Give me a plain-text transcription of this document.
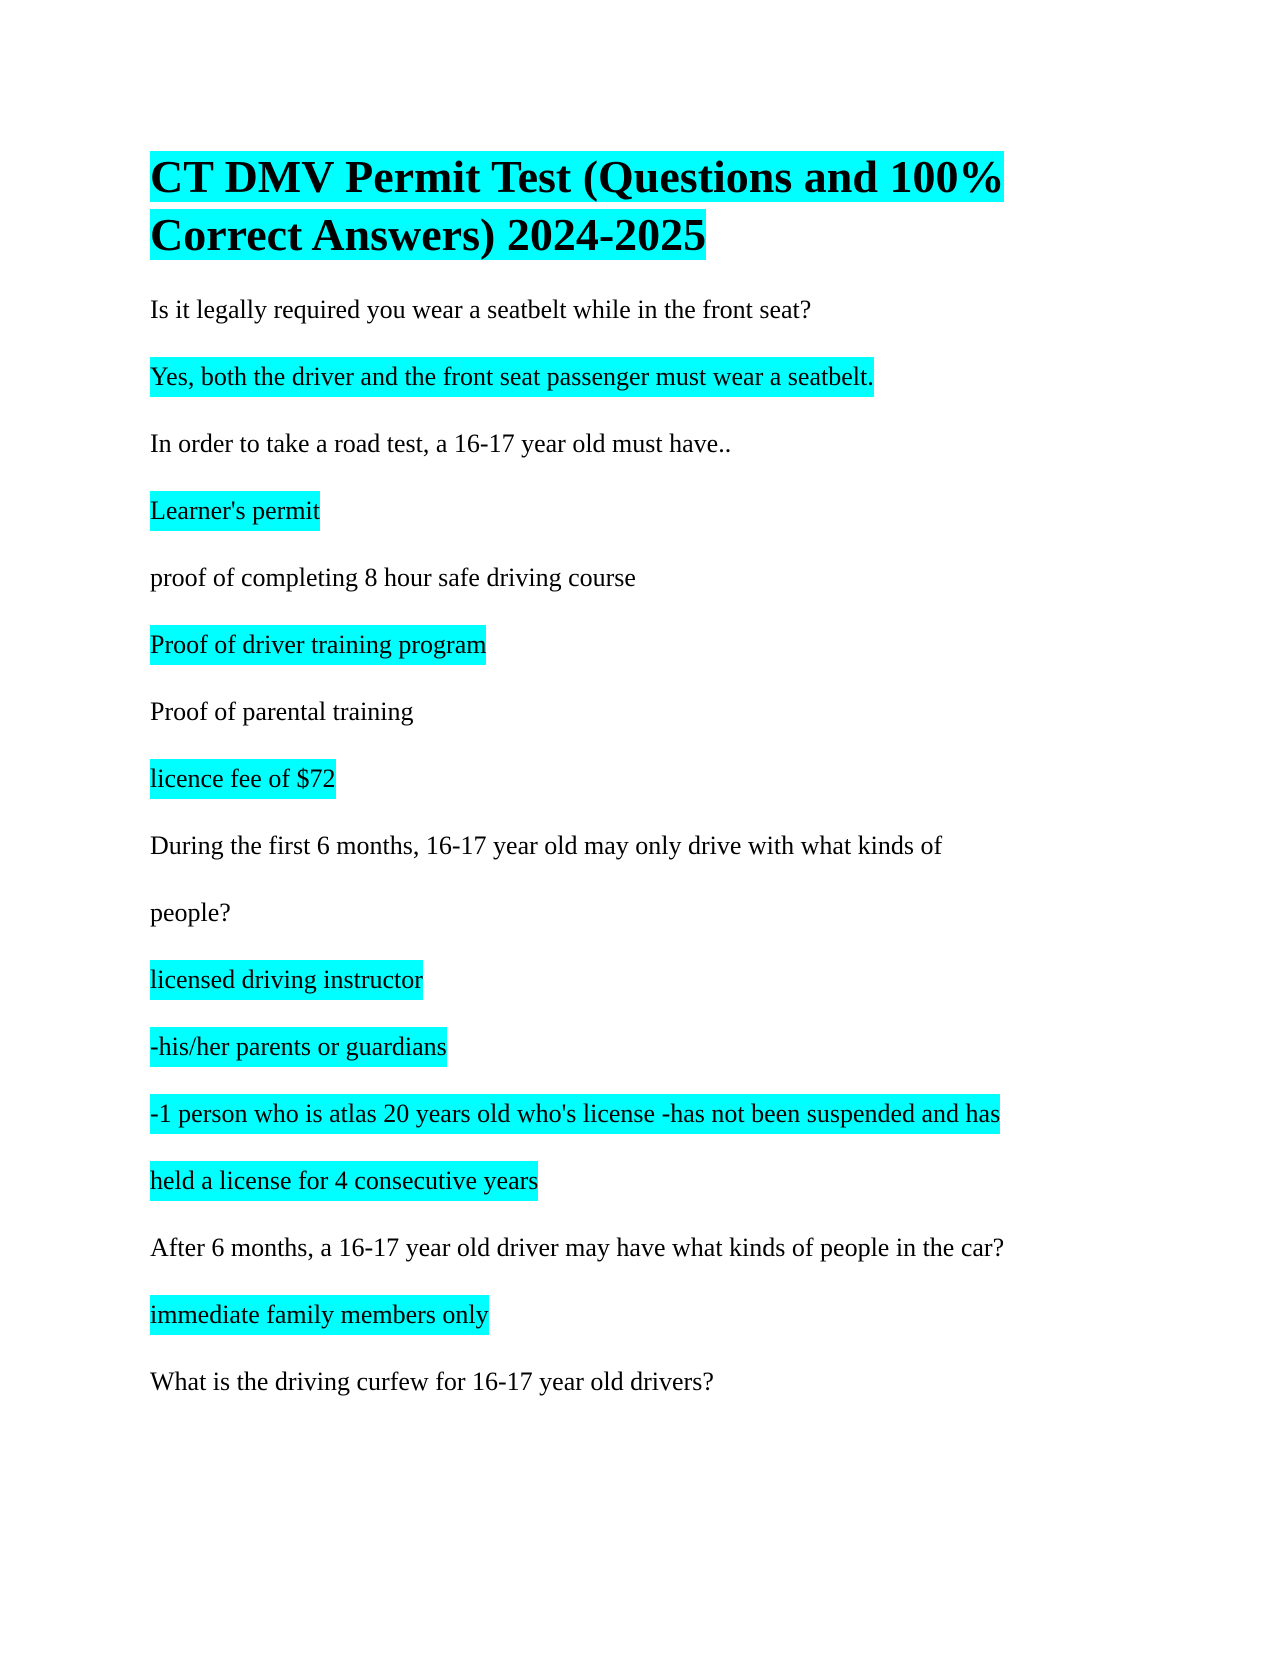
CT DMV Permit Test (Questions and 100% Correct Answers) 2024-2025
Is it legally required you wear a seatbelt while in the front seat?
Yes, both the driver and the front seat passenger must wear a seatbelt.
In order to take a road test, a 16-17 year old must have..
Learner's permit
proof of completing 8 hour safe driving course
Proof of driver training program
Proof of parental training
licence fee of $72
During the first 6 months, 16-17 year old may only drive with what kinds of
people?
licensed driving instructor
-his/her parents or guardians
-1 person who is atlas 20 years old who's license -has not been suspended and has
held a license for 4 consecutive years
After 6 months, a 16-17 year old driver may have what kinds of people in the car?
immediate family members only
What is the driving curfew for 16-17 year old drivers?
